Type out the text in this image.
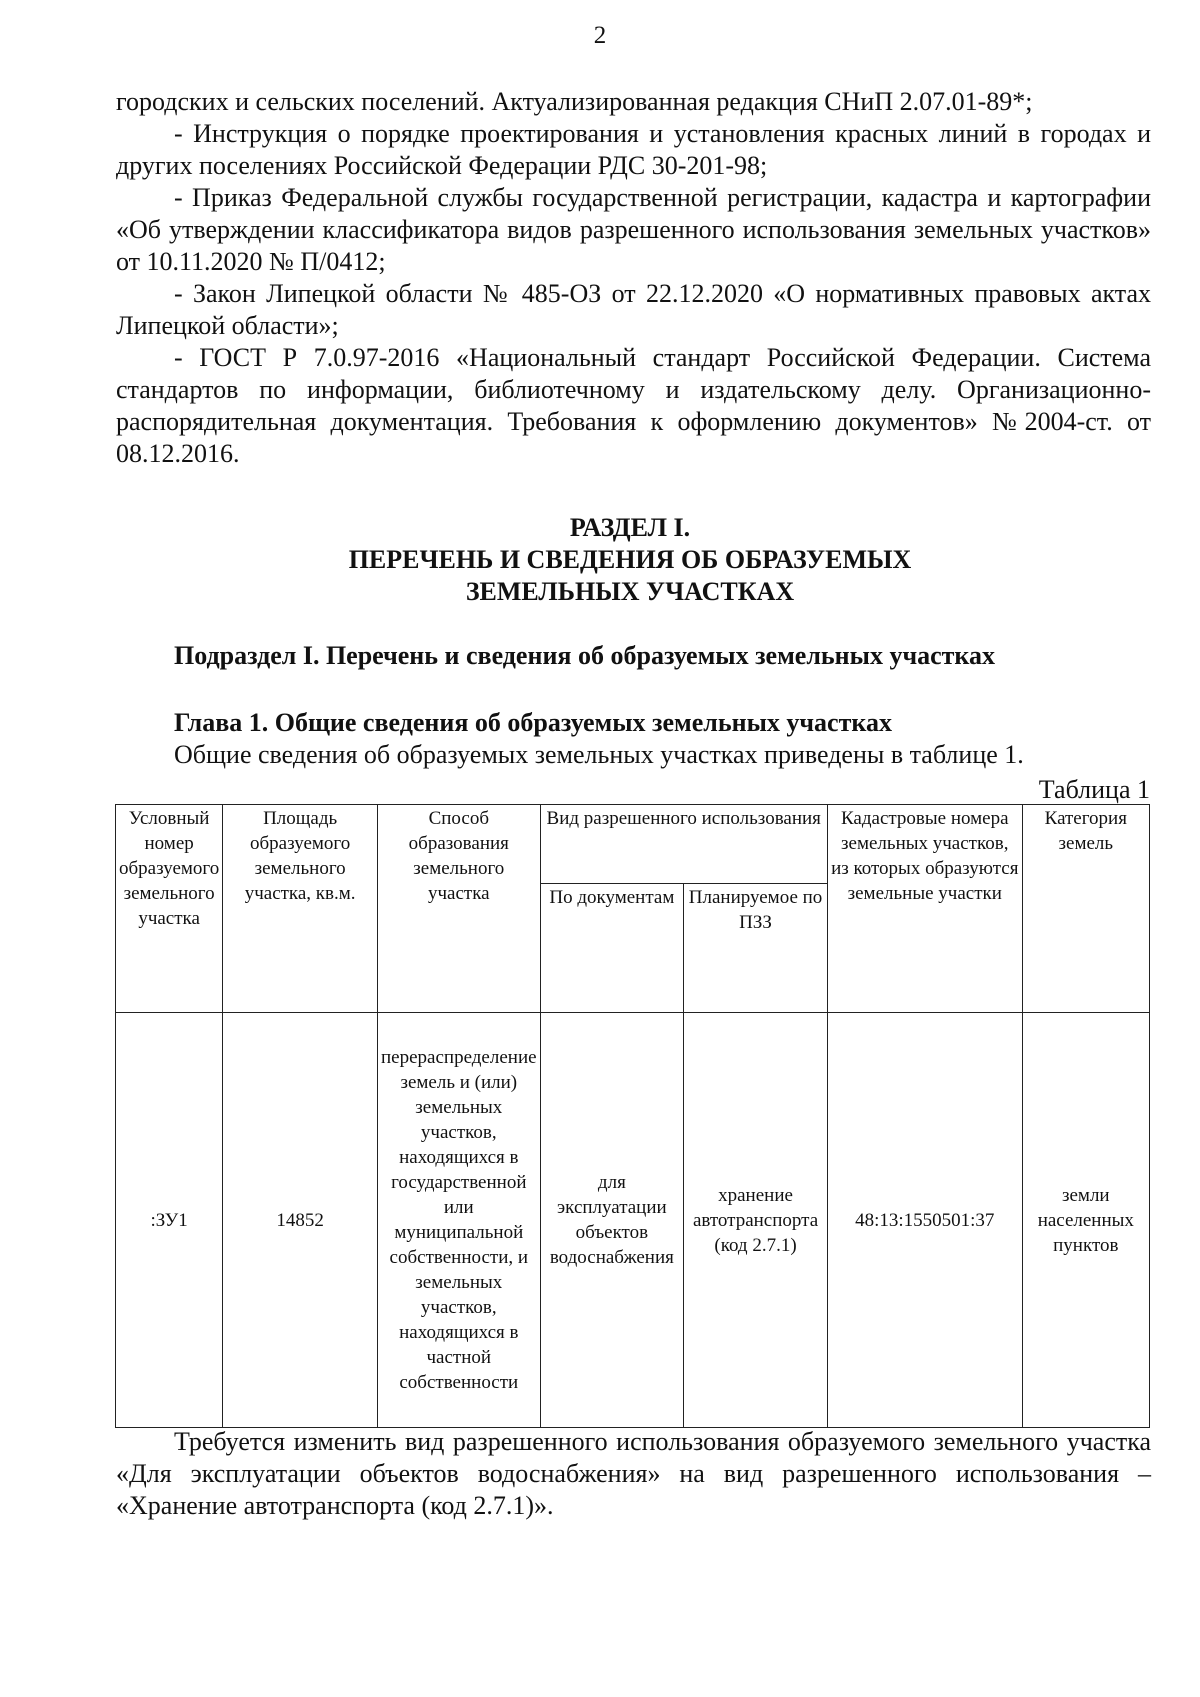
2

городских и сельских поселений. Актуализированная редакция СНиП 2.07.01-89*;

- Инструкция о порядке проектирования и установления красных линий в городах и других поселениях Российской Федерации РДС 30-201-98;

- Приказ Федеральной службы государственной регистрации, кадастра и картографии «Об утверждении классификатора видов разрешенного использования земельных участков» от 10.11.2020 № П/0412;

- Закон Липецкой области № 485-ОЗ от 22.12.2020 «О нормативных правовых актах Липецкой области»;

- ГОСТ Р 7.0.97-2016 «Национальный стандарт Российской Федерации. Система стандартов по информации, библиотечному и издательскому делу. Организационно-распорядительная документация. Требования к оформлению документов» №2004-ст. от 08.12.2016.

РАЗДЕЛ I.
ПЕРЕЧЕНЬ И СВЕДЕНИЯ ОБ ОБРАЗУЕМЫХ
ЗЕМЕЛЬНЫХ УЧАСТКАХ
Подраздел I. Перечень и сведения об образуемых земельных участках
Глава 1. Общие сведения об образуемых земельных участках
Общие сведения об образуемых земельных участках приведены в таблице 1.
Таблица 1
Условный номер образуемого земельного участка	Площадь образуемого земельного участка, кв.м.	Способ образования земельного участка	Вид разрешенного использования		Кадастровые номера земельных участков, из которых образуются земельные участки	Категория земель
			По документам	Планируемое по ПЗЗ		
:ЗУ1	14852	перераспределение земель и (или) земельных участков, находящихся в государственной или муниципальной собственности, и земельных участков, находящихся в частной собственности	для эксплуатации объектов водоснабжения	хранение автотранспорта (код 2.7.1)	48:13:1550501:37	земли населенных пунктов

Требуется изменить вид разрешенного использования образуемого земельного участка «Для эксплуатации объектов водоснабжения» на вид разрешенного использования – «Хранение автотранспорта (код 2.7.1)».
